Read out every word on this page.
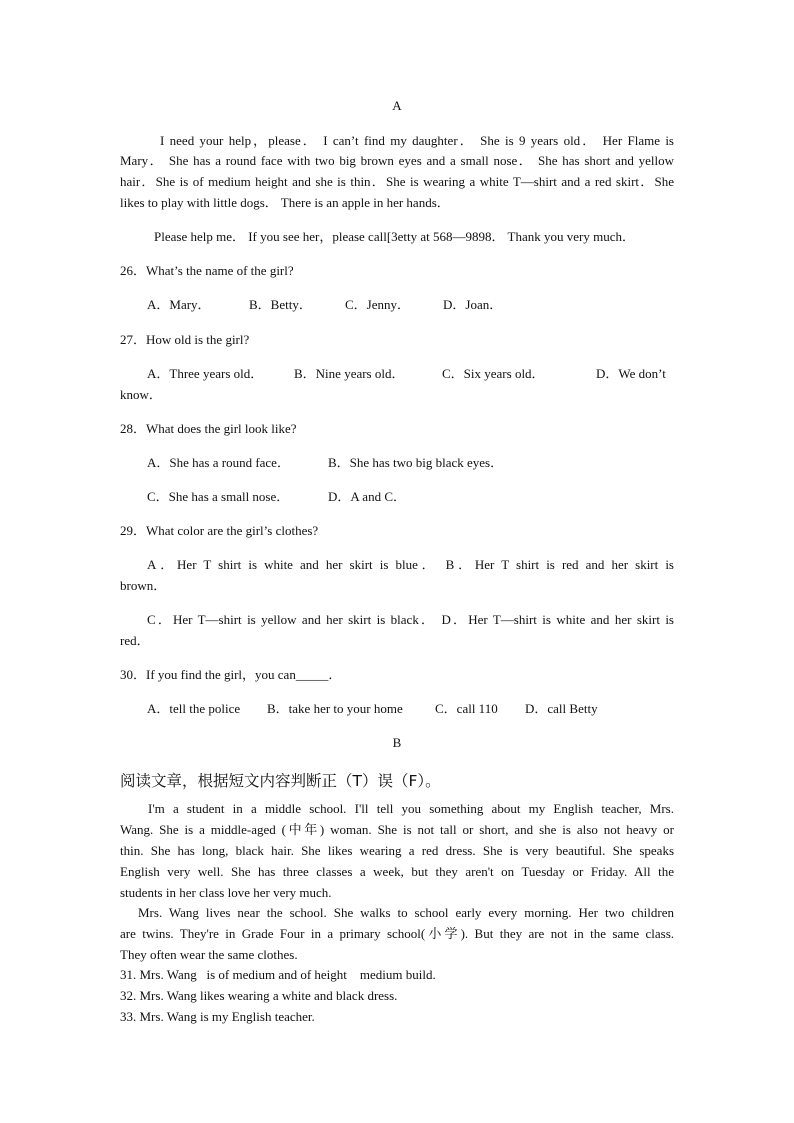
A
I need your help，please． I can’t find my daughter． She is 9 years old． Her Flame is
Mary． She has a round face with two big brown eyes and a small nose． She has short and yellow
hair．She is of medium height and she is thin．She is wearing a white T—shirt and a red skirt．She
likes to play with little dogs． There is an apple in her hands．
Please help me． If you see her，please call[3etty at 568—9898． Thank you very much．
26．What’s the name of the girl?
A．Mary．	B．Betty．	C．Jenny．	D．Joan．
27．How old is the girl?
A．Three years old． B．Nine years old．	C．Six years old．	D．We don’t
know．
28．What does the girl look like?
A．She has a round face．	B．She has two big black eyes．
C．She has a small nose．	D．A and C．
29．What color are the girl’s clothes?
A．Her T shirt is white and her skirt is blue． B．Her T shirt is red and her skirt is
brown．
C．Her T—shirt is yellow and her skirt is black． D．Her T—shirt is white and her skirt is
red．
30．If you find the girl，you can_____．
A．tell the police B．take her to your home C．call 110 D．call Betty
B
阅读文章，根据短文内容判断正（T）误（F）。
I'm a student in a middle school. I'll tell you something about my English teacher, Mrs.
Wang. She is a middle-aged (中年) woman. She is not tall or short, and she is also not heavy or
thin. She has long, black hair. She likes wearing a red dress. She is very beautiful. She speaks
English very well. She has three classes a week, but they aren't on Tuesday or Friday. All the
students in her class love her very much.
Mrs. Wang lives near the school. She walks to school early every morning. Her two children
are twins. They're in Grade Four in a primary school(小学). But they are not in the same class.
They often wear the same clothes.
31. Mrs. Wang   is of medium and of height    medium build.
32. Mrs. Wang likes wearing a white and black dress.
33. Mrs. Wang is my English teacher.
